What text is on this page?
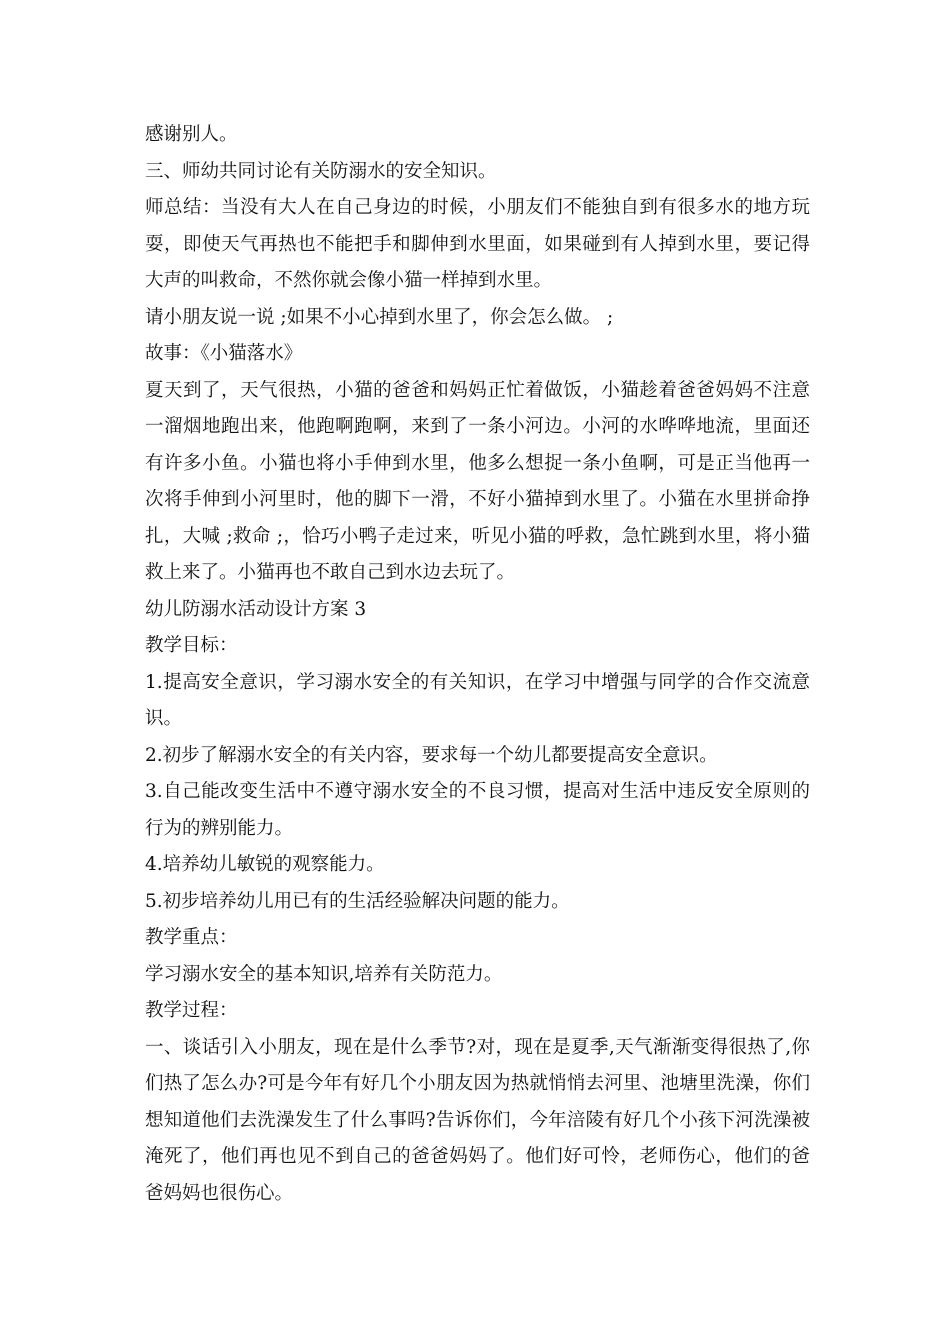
感谢别人。

三、师幼共同讨论有关防溺水的安全知识。

师总结：当没有大人在自己身边的时候，小朋友们不能独自到有很多水的地方玩耍，即使天气再热也不能把手和脚伸到水里面，如果碰到有人掉到水里，要记得大声的叫救命，不然你就会像小猫一样掉到水里。

请小朋友说一说 ;如果不小心掉到水里了，你会怎么做。 ;

故事：《小猫落水》

夏天到了，天气很热，小猫的爸爸和妈妈正忙着做饭，小猫趁着爸爸妈妈不注意一溜烟地跑出来，他跑啊跑啊，来到了一条小河边。小河的水哗哗地流，里面还有许多小鱼。小猫也将小手伸到水里，他多么想捉一条小鱼啊，可是正当他再一次将手伸到小河里时，他的脚下一滑，不好小猫掉到水里了。小猫在水里拼命挣扎，大喊 ;救命 ;，恰巧小鸭子走过来，听见小猫的呼救，急忙跳到水里，将小猫救上来了。小猫再也不敢自己到水边去玩了。

幼儿防溺水活动设计方案 3

教学目标：

1.提高安全意识，学习溺水安全的有关知识，在学习中增强与同学的合作交流意识。

2.初步了解溺水安全的有关内容，要求每一个幼儿都要提高安全意识。

3.自己能改变生活中不遵守溺水安全的不良习惯，提高对生活中违反安全原则的行为的辨别能力。

4.培养幼儿敏锐的观察能力。

5.初步培养幼儿用已有的生活经验解决问题的能力。

教学重点：

学习溺水安全的基本知识,培养有关防范力。

教学过程：

一、谈话引入小朋友，现在是什么季节?对，现在是夏季,天气渐渐变得很热了,你们热了怎么办?可是今年有好几个小朋友因为热就悄悄去河里、池塘里洗澡，你们想知道他们去洗澡发生了什么事吗?告诉你们，今年涪陵有好几个小孩下河洗澡被淹死了，他们再也见不到自己的爸爸妈妈了。他们好可怜，老师伤心，他们的爸爸妈妈也很伤心。
